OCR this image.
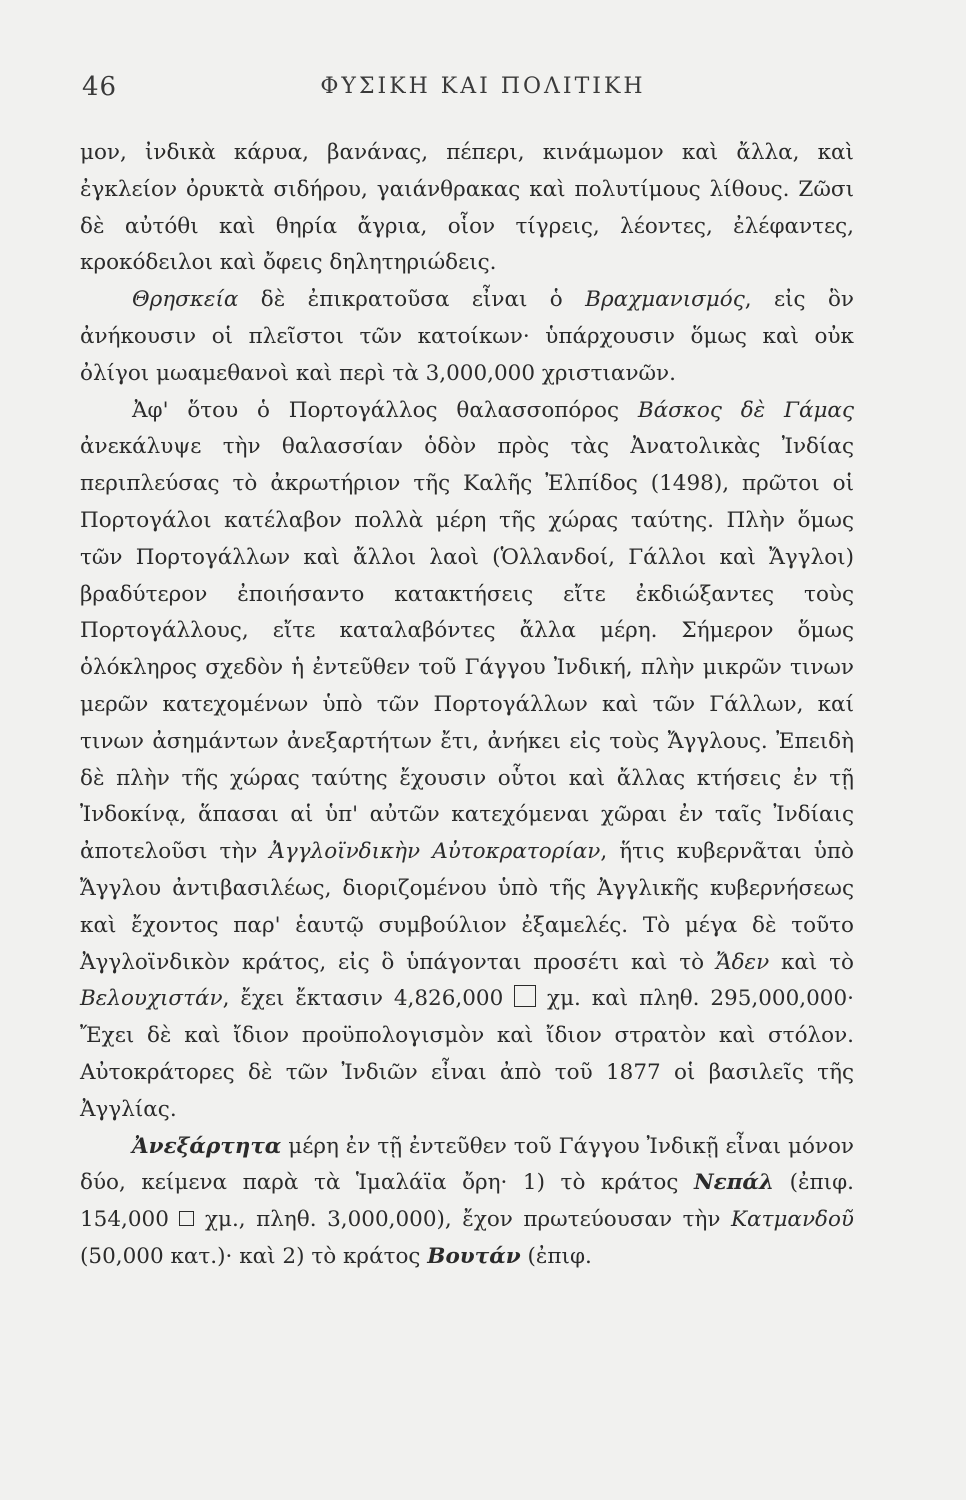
46	ΦΥΣΙΚΗ ΚΑΙ ΠΟΛΙΤΙΚΗ

μον, ἰνδικὰ κάρυα, βανάνας, πέπερι, κινάμωμον καὶ ἄλλα, καὶ ἐγκλείον ὀρυκτὰ σιδήρου, γαιάνθρακας καὶ πολυτίμους λίθους. Ζῶσι δὲ αὐτόθι καὶ θηρία ἄγρια, οἷον τίγρεις, λέοντες, ἐλέφαντες, κροκόδειλοι καὶ ὄφεις δηλητηριώδεις.

Θρησκεία δὲ ἐπικρατοῦσα εἶναι ὁ Βραχμανισμός, εἰς ὃν ἀνήκουσιν οἱ πλεῖστοι τῶν κατοίκων· ὑπάρχουσιν ὅμως καὶ οὐκ ὀλίγοι μωαμεθανοὶ καὶ περὶ τὰ 3,000,000 χριστιανῶν.

Ἀφ' ὅτου ὁ Πορτογάλλος θαλασσοπόρος Βάσκος δὲ Γάμας ἀνεκάλυψε τὴν θαλασσίαν ὁδὸν πρὸς τὰς Ἀνατολικὰς Ἰνδίας περιπλεύσας τὸ ἀκρωτήριον τῆς Καλῆς Ἐλπίδος (1498), πρῶτοι οἱ Πορτογάλοι κατέλαβον πολλὰ μέρη τῆς χώρας ταύτης. Πλὴν ὅμως τῶν Πορτογάλλων καὶ ἄλλοι λαοὶ (Ὁλλανδοί, Γάλλοι καὶ Ἄγγλοι) βραδύτερον ἐποιήσαντο κατακτήσεις εἴτε ἐκδιώξαντες τοὺς Πορτογάλλους, εἴτε καταλαβόντες ἄλλα μέρη. Σήμερον ὅμως ὁλόκληρος σχεδὸν ἡ ἐντεῦθεν τοῦ Γάγγου Ἰνδική, πλὴν μικρῶν τινων μερῶν κατεχομένων ὑπὸ τῶν Πορτογάλλων καὶ τῶν Γάλλων, καί τινων ἀσημάντων ἀνεξαρτήτων ἔτι, ἀνήκει εἰς τοὺς Ἄγγλους. Ἐπειδὴ δὲ πλὴν τῆς χώρας ταύτης ἔχουσιν οὗτοι καὶ ἄλλας κτήσεις ἐν τῇ Ἰνδοκίνᾳ, ἅπασαι αἱ ὑπ' αὐτῶν κατεχόμεναι χῶραι ἐν ταῖς Ἰνδίαις ἀποτελοῦσι τὴν Ἀγγλοϊνδικὴν Αὐτοκρατορίαν, ἥτις κυβερνᾶται ὑπὸ Ἄγγλου ἀντιβασιλέως, διοριζομένου ὑπὸ τῆς Ἀγγλικῆς κυβερνήσεως καὶ ἔχοντος παρ' ἑαυτῷ συμβούλιον ἐξαμελές. Τὸ μέγα δὲ τοῦτο Ἀγγλοϊνδικὸν κράτος, εἰς ὃ ὑπάγονται προσέτι καὶ τὸ Ἄδεν καὶ τὸ Βελουχιστάν, ἔχει ἔκτασιν 4,826,000  χμ. καὶ πληθ. 295,000,000· Ἔχει δὲ καὶ ἴδιον προϋπολογισμὸν καὶ ἴδιον στρατὸν καὶ στόλον. Αὐτοκράτορες δὲ τῶν Ἰνδιῶν εἶναι ἀπὸ τοῦ 1877 οἱ βασιλεῖς τῆς Ἀγγλίας.

Ἀνεξάρτητα μέρη ἐν τῇ ἐντεῦθεν τοῦ Γάγγου Ἰνδικῇ εἶναι μόνον δύο, κείμενα παρὰ τὰ Ἱμαλάϊα ὄρη· 1) τὸ κράτος Νεπάλ (ἐπιφ. 154,000  χμ., πληθ. 3,000,000), ἔχον πρωτεύουσαν τὴν Κατμανδοῦ (50,000 κατ.)· καὶ 2) τὸ κράτος Βουτάν (ἐπιφ.
